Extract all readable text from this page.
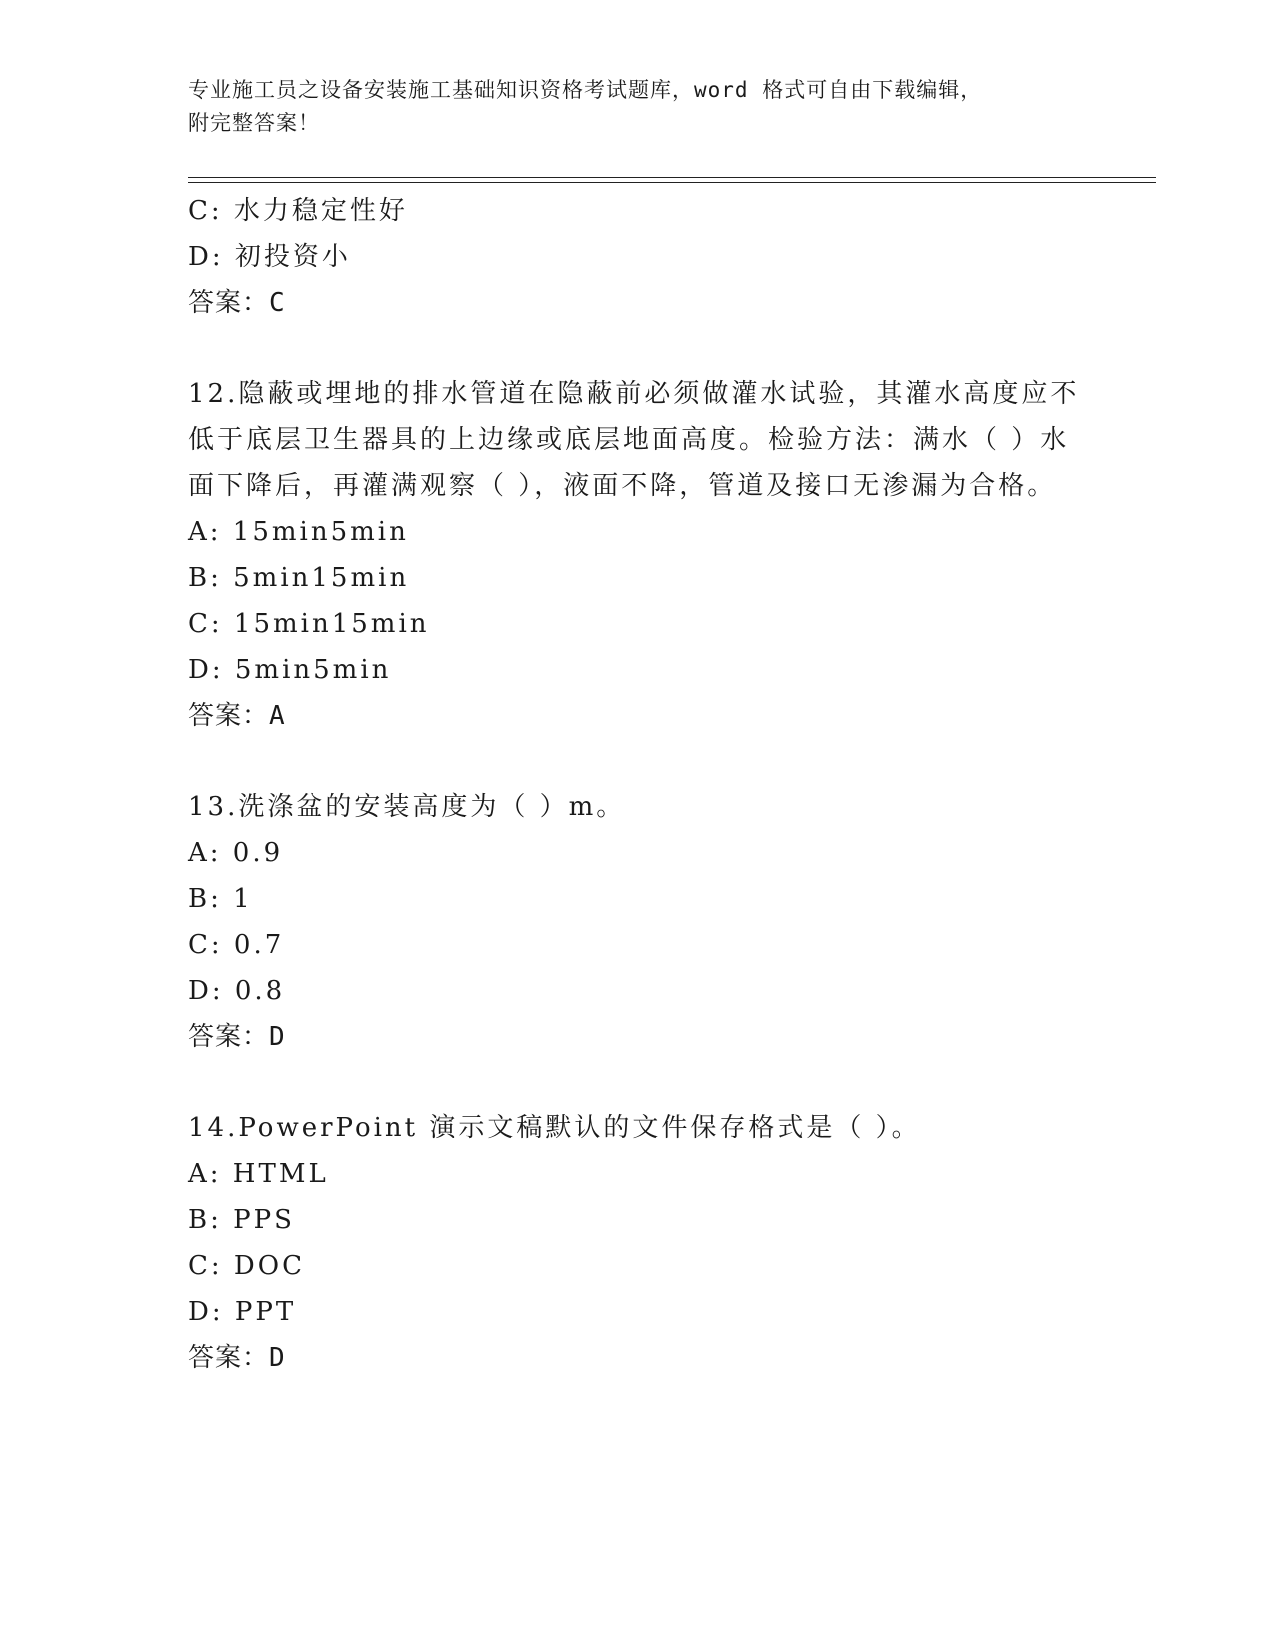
专业施工员之设备安装施工基础知识资格考试题库，word 格式可自由下载编辑，
附完整答案！
C: 水力稳定性好
D: 初投资小
答案：C
12.隐蔽或埋地的排水管道在隐蔽前必须做灌水试验，其灌水高度应不
低于底层卫生器具的上边缘或底层地面高度。检验方法：满水（ ）水
面下降后，再灌满观察（ ），液面不降，管道及接口无渗漏为合格。
A: 15min5min
B: 5min15min
C: 15min15min
D: 5min5min
答案：A
13.洗涤盆的安装高度为（ ）m。
A: 0.9
B: 1
C: 0.7
D: 0.8
答案：D
14.PowerPoint 演示文稿默认的文件保存格式是（ ）。
A: HTML
B: PPS
C: DOC
D: PPT
答案：D
